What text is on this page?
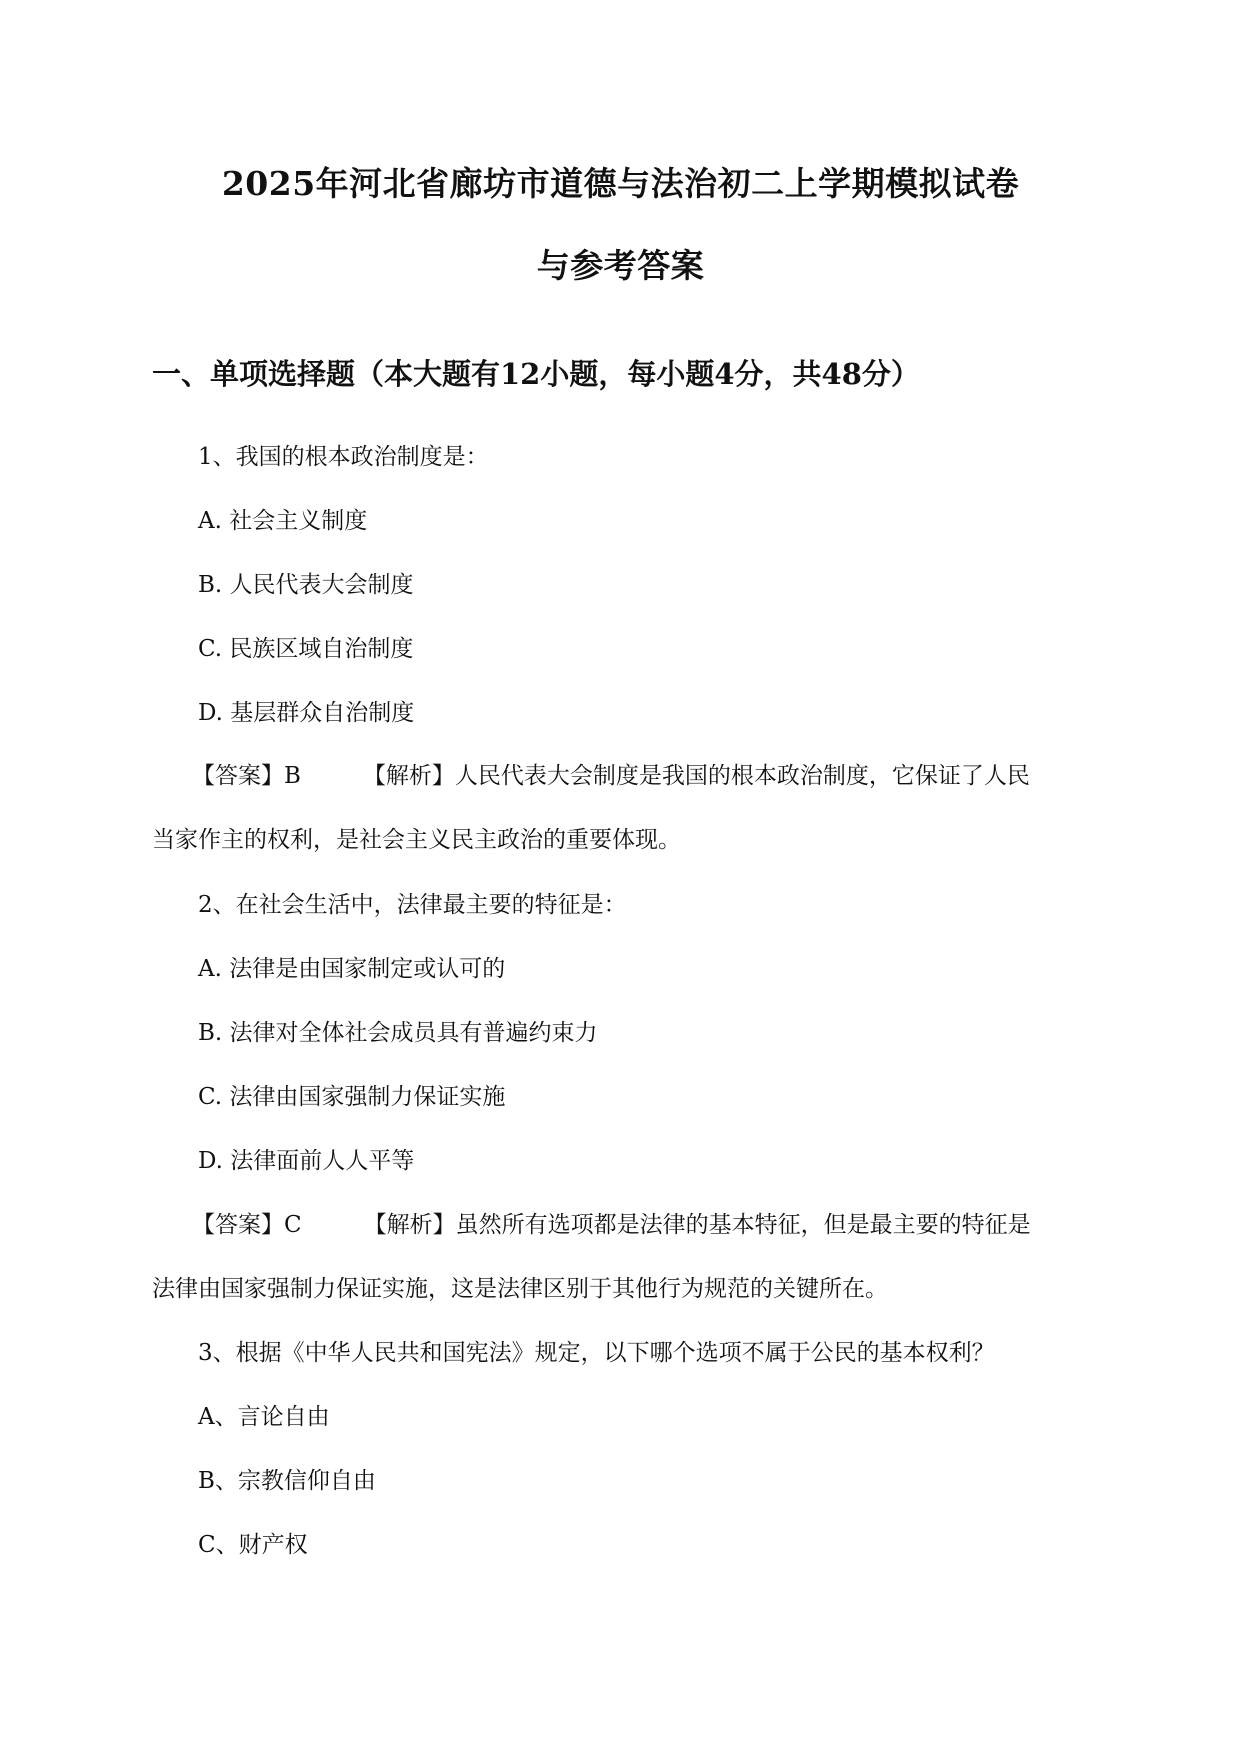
2025年河北省廊坊市道德与法治初二上学期模拟试卷
与参考答案
一、单项选择题（本大题有12小题，每小题4分，共48分）
1、我国的根本政治制度是：
A. 社会主义制度
B. 人民代表大会制度
C. 民族区域自治制度
D. 基层群众自治制度
【答案】B	【解析】人民代表大会制度是我国的根本政治制度，它保证了人民
当家作主的权利，是社会主义民主政治的重要体现。
2、在社会生活中，法律最主要的特征是：
A. 法律是由国家制定或认可的
B. 法律对全体社会成员具有普遍约束力
C. 法律由国家强制力保证实施
D. 法律面前人人平等
【答案】C	【解析】虽然所有选项都是法律的基本特征，但是最主要的特征是
法律由国家强制力保证实施，这是法律区别于其他行为规范的关键所在。
3、根据《中华人民共和国宪法》规定，以下哪个选项不属于公民的基本权利？
A、言论自由
B、宗教信仰自由
C、财产权
